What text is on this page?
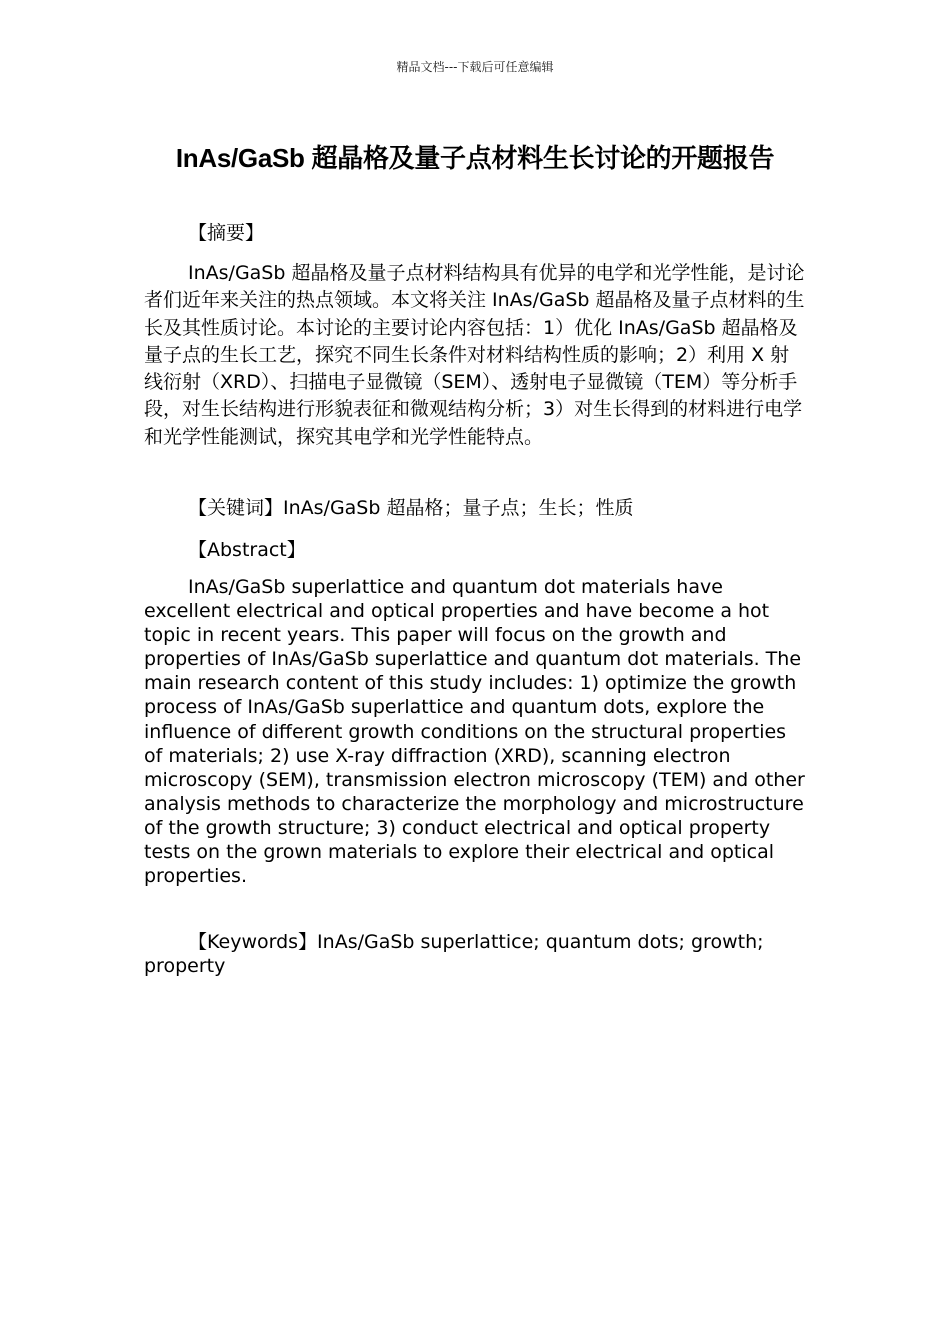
精品文档---下载后可任意编辑
InAs/GaSb 超晶格及量子点材料生长讨论的开题报告
【摘要】

InAs/GaSb 超晶格及量子点材料结构具有优异的电学和光学性能，是讨论者们近年来关注的热点领域。本文将关注 InAs/GaSb 超晶格及量子点材料的生长及其性质讨论。本讨论的主要讨论内容包括：1）优化 InAs/GaSb 超晶格及量子点的生长工艺，探究不同生长条件对材料结构性质的影响；2）利用 X 射线衍射（XRD）、扫描电子显微镜（SEM）、透射电子显微镜（TEM）等分析手段，对生长结构进行形貌表征和微观结构分析；3）对生长得到的材料进行电学和光学性能测试，探究其电学和光学性能特点。

【关键词】InAs/GaSb 超晶格；量子点；生长；性质
【Abstract】

InAs/GaSb superlattice and quantum dot materials have excellent electrical and optical properties and have become a hot topic in recent years. This paper will focus on the growth and properties of InAs/GaSb superlattice and quantum dot materials. The main research content of this study includes: 1) optimize the growth process of InAs/GaSb superlattice and quantum dots, explore the influence of different growth conditions on the structural properties of materials; 2) use X-ray diffraction (XRD), scanning electron microscopy (SEM), transmission electron microscopy (TEM) and other analysis methods to characterize the morphology and microstructure of the growth structure; 3) conduct electrical and optical property tests on the grown materials to explore their electrical and optical properties.

【Keywords】InAs/GaSb superlattice; quantum dots; growth; property
